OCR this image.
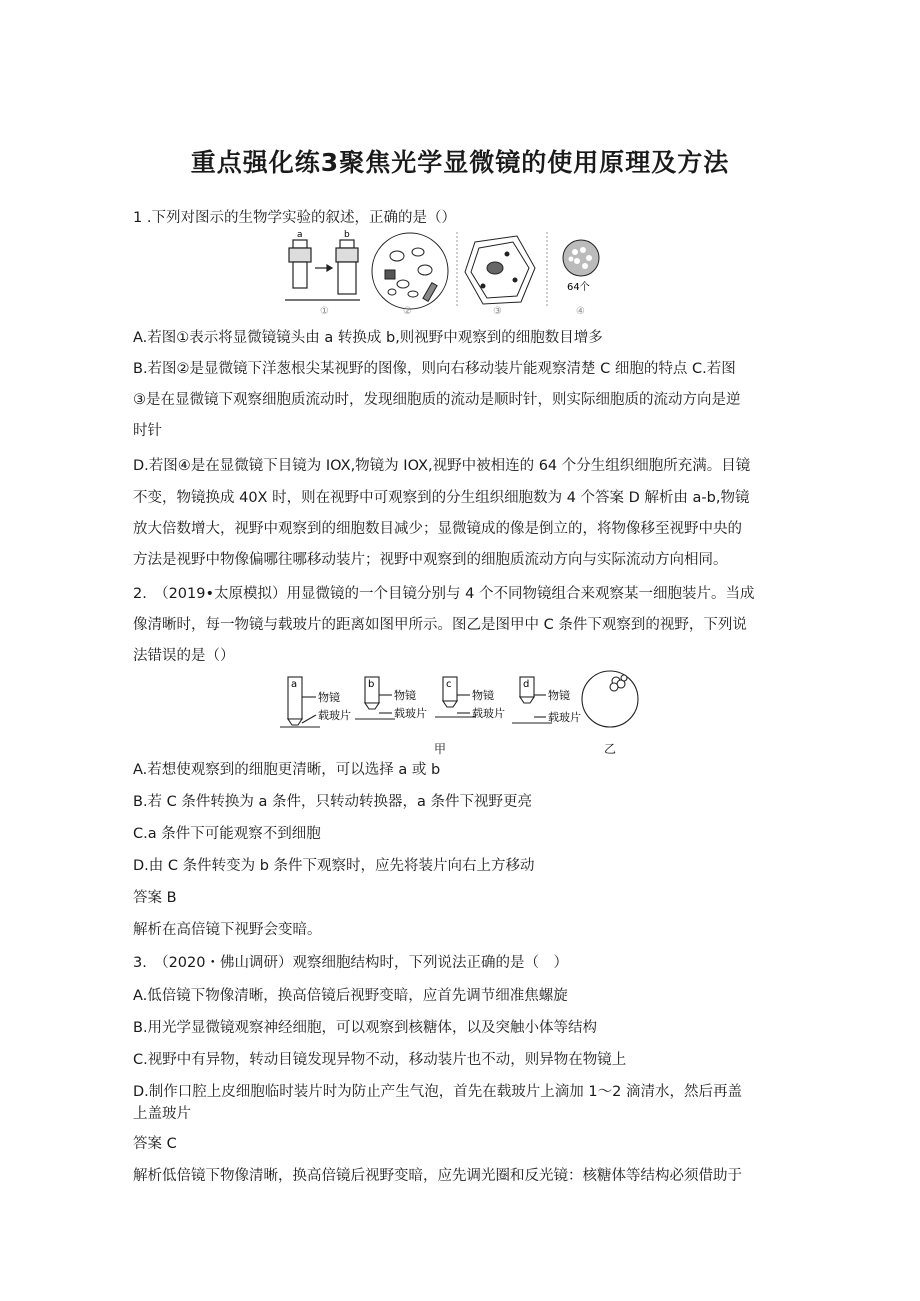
重点强化练3聚焦光学显微镜的使用原理及方法
1 .下列对图示的生物学实验的叙述，正确的是（）
a	b
①	②	③
64个
④
A.若图①表示将显微镜镜头由 a 转换成 b,则视野中观察到的细胞数目增多
B.若图②是显微镜下洋葱根尖某视野的图像，则向右移动装片能观察清楚 C 细胞的特点 C.若图
③是在显微镜下观察细胞质流动时，发现细胞质的流动是顺时针，则实际细胞质的流动方向是逆
时针
D.若图④是在显微镜下目镜为 IOX,物镜为 IOX,视野中被相连的 64 个分生组织细胞所充满。目镜
不变，物镜换成 40X 时，则在视野中可观察到的分生组织细胞数为 4 个答案 D 解析由 a-b,物镜
放大倍数增大，视野中观察到的细胞数目减少；显微镜成的像是倒立的，将物像移至视野中央的
方法是视野中物像偏哪往哪移动装片；视野中观察到的细胞质流动方向与实际流动方向相同。
2.　（2019•太原模拟）用显微镜的一个目镜分别与 4 个不同物镜组合来观察某一细胞装片。当成
像清晰时，每一物镜与载玻片的距离如图甲所示。图乙是图甲中 C 条件下观察到的视野，下列说
法错误的是（）
a	b	c	d
物镜
载玻片
物镜
载玻片
物镜
载玻片
物镜
载玻片
甲	乙
A.若想使观察到的细胞更清晰，可以选择 a 或 b
B.若 C 条件转换为 a 条件，只转动转换器，a 条件下视野更亮
C.a 条件下可能观察不到细胞
D.由 C 条件转变为 b 条件下观察时，应先将装片向右上方移动
答案 B
解析在高倍镜下视野会变暗。
3.　（2020・佛山调研）观察细胞结构时，下列说法正确的是（　）
A.低倍镜下物像清晰，换高倍镜后视野变暗，应首先调节细准焦螺旋
B.用光学显微镜观察神经细胞，可以观察到核糖体，以及突触小体等结构
C.视野中有异物，转动目镜发现异物不动，移动装片也不动，则异物在物镜上
D.制作口腔上皮细胞临时装片时为防止产生气泡，首先在载玻片上滴加 1～2 滴清水，然后再盖
上盖玻片
答案 C
解析低倍镜下物像清晰，换高倍镜后视野变暗，应先调光圈和反光镜：核糖体等结构必须借助于
